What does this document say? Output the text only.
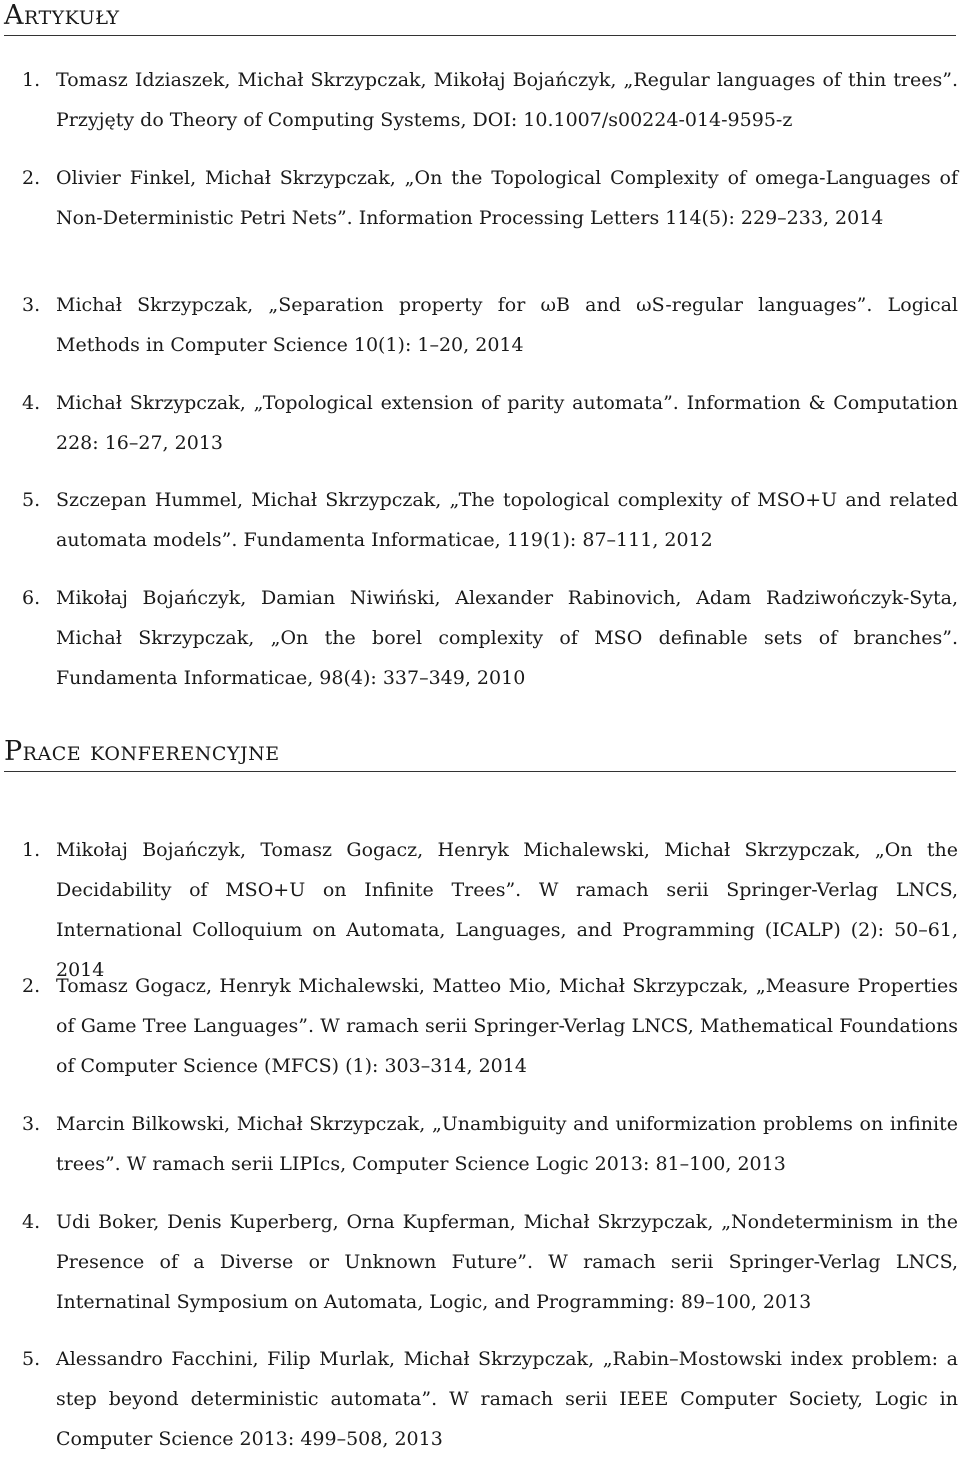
Artykuły
1. Tomasz Idziaszek, Michał Skrzypczak, Mikołaj Bojańczyk, „Regular languages of thin trees”. Przyjęty do Theory of Computing Systems, DOI: 10.1007/s00224-014-9595-z
2. Olivier Finkel, Michał Skrzypczak, „On the Topological Complexity of omega-Languages of Non-Deterministic Petri Nets”. Information Processing Letters 114(5): 229–233, 2014
3. Michał Skrzypczak, „Separation property for ωB and ωS-regular languages”. Logical Methods in Computer Science 10(1): 1–20, 2014
4. Michał Skrzypczak, „Topological extension of parity automata”. Information & Computation 228: 16–27, 2013
5. Szczepan Hummel, Michał Skrzypczak, „The topological complexity of MSO+U and related automata models”. Fundamenta Informaticae, 119(1): 87–111, 2012
6. Mikołaj Bojańczyk, Damian Niwiński, Alexander Rabinovich, Adam Radziwończyk-Syta, Michał Skrzypczak, „On the borel complexity of MSO definable sets of branches”. Fundamenta Informaticae, 98(4): 337–349, 2010
Prace konferencyjne
1. Mikołaj Bojańczyk, Tomasz Gogacz, Henryk Michalewski, Michał Skrzypczak, „On the Decidability of MSO+U on Infinite Trees”. W ramach serii Springer-Verlag LNCS, International Colloquium on Automata, Languages, and Programming (ICALP) (2): 50–61, 2014
2. Tomasz Gogacz, Henryk Michalewski, Matteo Mio, Michał Skrzypczak, „Measure Properties of Game Tree Languages”. W ramach serii Springer-Verlag LNCS, Mathematical Foundations of Computer Science (MFCS) (1): 303–314, 2014
3. Marcin Bilkowski, Michał Skrzypczak, „Unambiguity and uniformization problems on infinite trees”. W ramach serii LIPIcs, Computer Science Logic 2013: 81–100, 2013
4. Udi Boker, Denis Kuperberg, Orna Kupferman, Michał Skrzypczak, „Nondeterminism in the Presence of a Diverse or Unknown Future”. W ramach serii Springer-Verlag LNCS, Internatinal Symposium on Automata, Logic, and Programming: 89–100, 2013
5. Alessandro Facchini, Filip Murlak, Michał Skrzypczak, „Rabin–Mostowski index problem: a step beyond deterministic automata”. W ramach serii IEEE Computer Society, Logic in Computer Science 2013: 499–508, 2013
